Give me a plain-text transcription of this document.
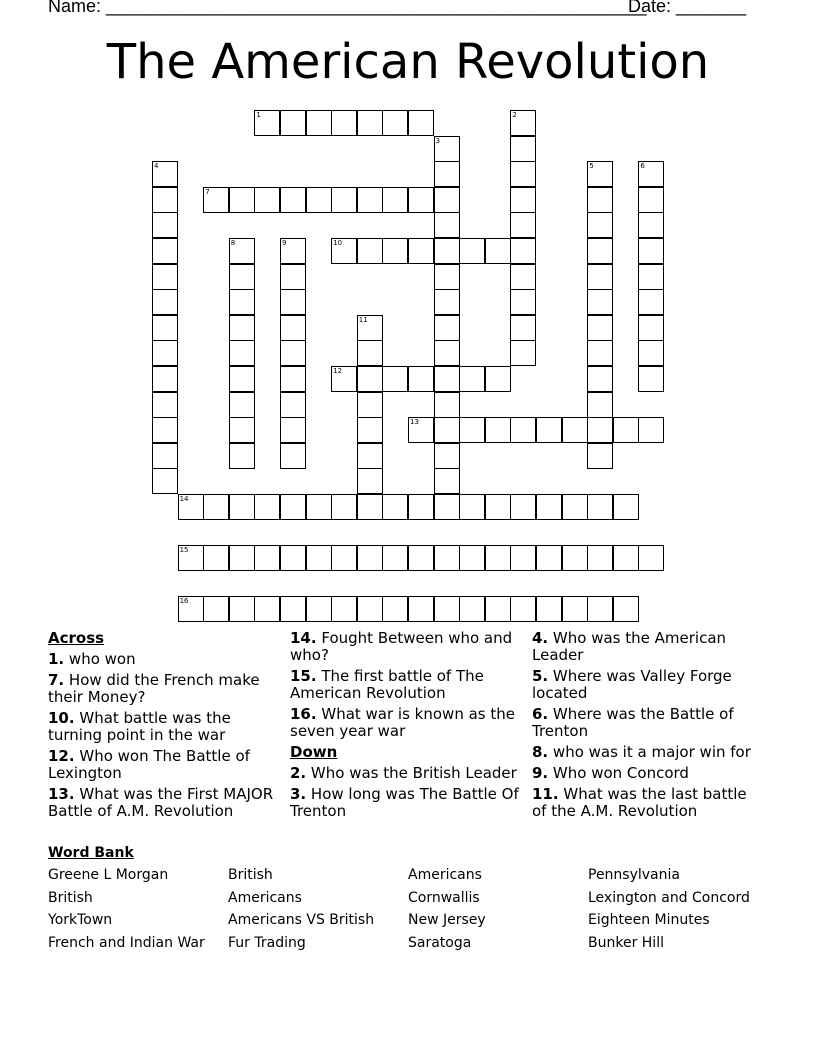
Name: ______________________________________________________
Date: _______
The American Revolution
1	2
3
4	5	6
7
8	9	10
11
12
13
14
15
16
Across
1. who won
7. How did the French make their Money?
10. What battle was the turning point in the war
12. Who won The Battle of Lexington
13. What was the First MAJOR Battle of A.M. Revolution
14. Fought Between who and who?
15. The first battle of The American Revolution
16. What war is known as the seven year war
Down
2. Who was the British Leader
3. How long was The Battle Of Trenton
4. Who was the American Leader
5. Where was Valley Forge located
6. Where was the Battle of Trenton
8. who was it a major win for
9. Who won Concord
11. What was the last battle of the A.M. Revolution
Word Bank
Greene L Morgan	British	Americans	Pennsylvania
British	Americans	Cornwallis	Lexington and Concord
YorkTown	Americans VS British	New Jersey	Eighteen Minutes
French and Indian War	Fur Trading	Saratoga	Bunker Hill
